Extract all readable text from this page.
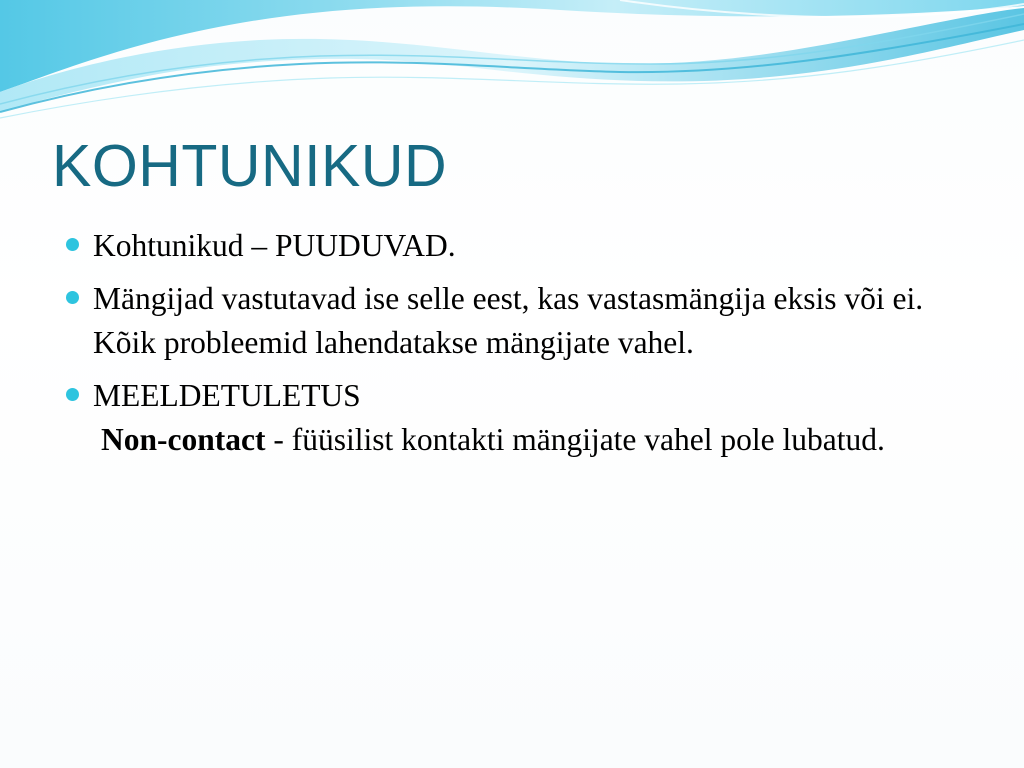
KOHTUNIKUD
Kohtunikud – PUUDUVAD.
Mängijad vastutavad ise selle eest, kas vastasmängija eksis või ei. Kõik probleemid lahendatakse mängijate vahel.
MEELDETULETUS
Non-contact - füüsilist kontakti mängijate vahel pole lubatud.
